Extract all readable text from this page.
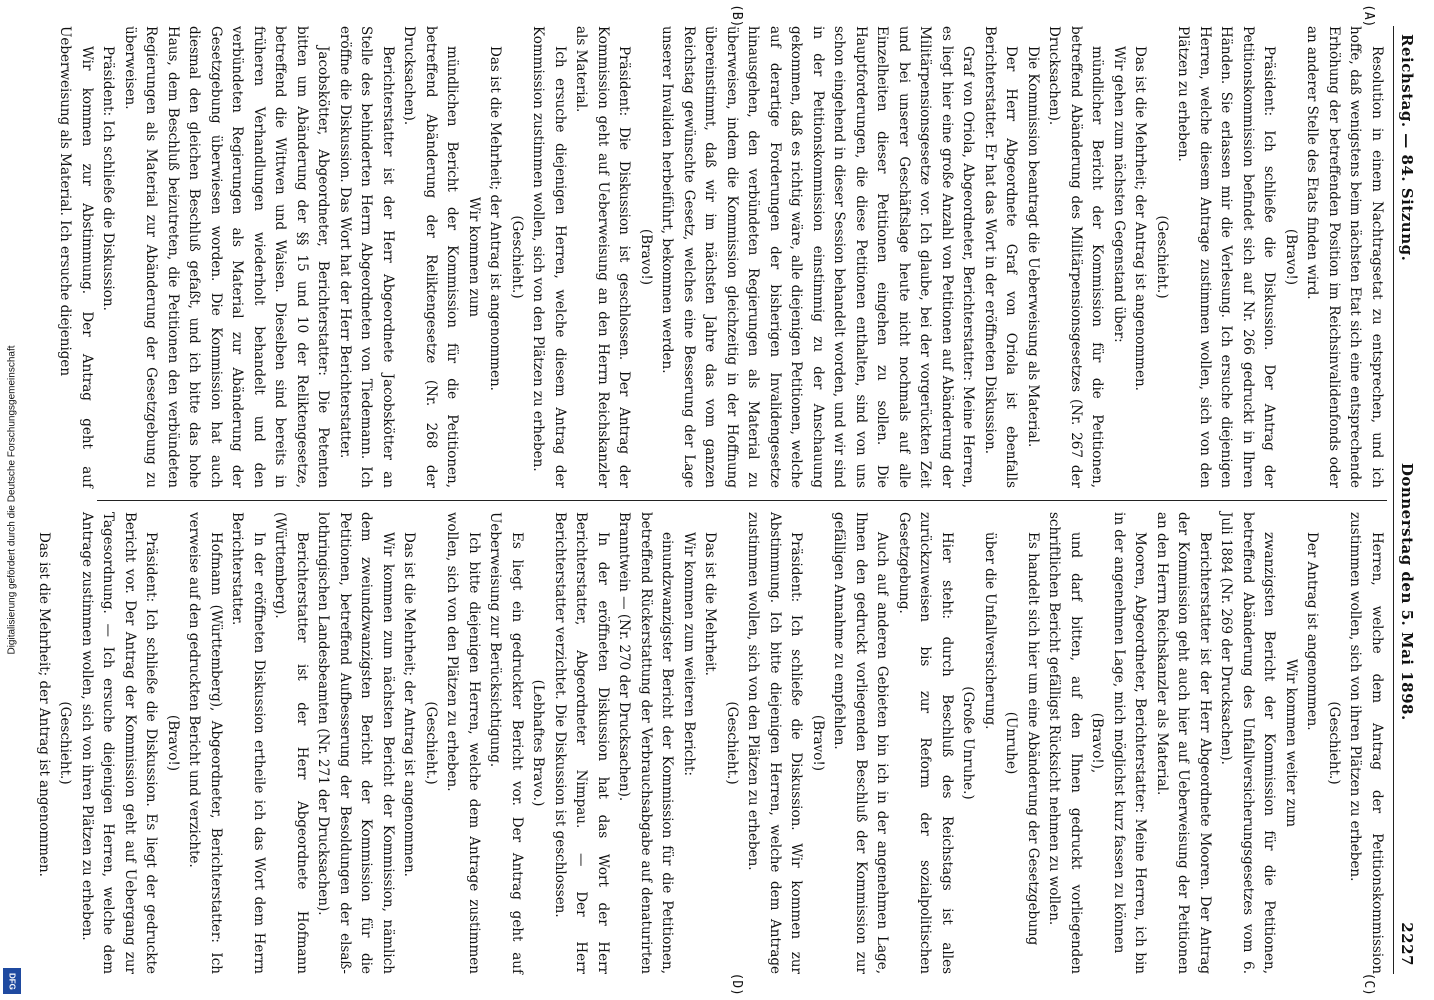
Digitalisierung gefördert durch die Deutsche Forschungsgemeinschaft
DFG
Reichstag. — 84. Sitzung.
Donnerstag den 5. Mai 1898.
2227
(A)
(B)

Resolution in einem Nachtragsetat zu entsprechen, und ich hoffe, daß wenigstens beim nächsten Etat sich eine entsprechende Erhöhung der betreffenden Position im Reichsinvalidenfonds oder an anderer Stelle des Etats finden wird.

(Bravo!)

Präsident: Ich schließe die Diskussion. Der Antrag der Petitionskommission befindet sich auf Nr. 266 gedruckt in Ihren Händen. Sie erlassen mir die Verlesung. Ich ersuche diejenigen Herren, welche diesem Antrage zustimmen wollen, sich von den Plätzen zu erheben.

(Geschieht.)

Das ist die Mehrheit; der Antrag ist angenommen.

Wir gehen zum nächsten Gegenstand über:

mündlicher Bericht der Kommission für die Petitionen, betreffend Abänderung des Militärpensionsgesetzes (Nr. 267 der Drucksachen).

Die Kommission beantragt die Ueberweisung als Material.

Der Herr Abgeordnete Graf von Oriola ist ebenfalls Berichterstatter. Er hat das Wort in der eröffneten Diskussion.

Graf von Oriola, Abgeordneter, Berichterstatter: Meine Herren, es liegt hier eine große Anzahl von Petitionen auf Abänderung der Militärpensionsgesetze vor. Ich glaube, bei der vorgerückten Zeit und bei unserer Geschäftslage heute nicht nochmals auf alle Einzelheiten dieser Petitionen eingehen zu sollen. Die Hauptforderungen, die diese Petitionen enthalten, sind von uns schon eingehend in dieser Session behandelt worden, und wir sind in der Petitionskommission einstimmig zu der Anschauung gekommen, daß es richtig wäre, alle diejenigen Petitionen, welche auf derartige Forderungen der bisherigen Invalidengesetze hinausgehen, den verbündeten Regierungen als Material zu überweisen, indem die Kommission gleichzeitig in der Hoffnung übereinstimmt, daß wir im nächsten Jahre das vom ganzen Reichstag gewünschte Gesetz, welches eine Besserung der Lage unserer Invaliden herbeiführt, bekommen werden.

(Bravo!)

Präsident: Die Diskussion ist geschlossen. Der Antrag der Kommission geht auf Ueberweisung an den Herrn Reichskanzler als Material.

Ich ersuche diejenigen Herren, welche diesem Antrag der Kommission zustimmen wollen, sich von den Plätzen zu erheben.

(Geschieht.)

Das ist die Mehrheit; der Antrag ist angenommen.

Wir kommen zum

mündlichen Bericht der Kommission für die Petitionen, betreffend Abänderung der Reliktengesetze (Nr. 268 der Drucksachen).

Berichterstatter ist der Herr Abgeordnete Jacobskötter an Stelle des behinderten Herrn Abgeordneten von Tiedemann. Ich eröffne die Diskussion. Das Wort hat der Herr Berichterstatter.

Jacobskötter, Abgeordneter, Berichterstatter: Die Petenten bitten um Abänderung der §§ 15 und 10 der Reliktengesetze, betreffend die Wittwen und Waisen. Dieselben sind bereits in früheren Verhandlungen wiederholt behandelt und den verbündeten Regierungen als Material zur Abänderung der Gesetzgebung überwiesen worden. Die Kommission hat auch diesmal den gleichen Beschluß gefaßt, und ich bitte das hohe Haus, dem Beschluß beizutreten, die Petitionen den verbündeten Regierungen als Material zur Abänderung der Gesetzgebung zu überweisen.

Präsident: Ich schließe die Diskussion.

Wir kommen zur Abstimmung. Der Antrag geht auf Ueberweisung als Material. Ich ersuche diejenigen

(C)
(D)

Herren, welche dem Antrag der Petitionskommission zustimmen wollen, sich von ihren Plätzen zu erheben.

(Geschieht.)

Der Antrag ist angenommen.

Wir kommen weiter zum

zwanzigsten Bericht der Kommission für die Petitionen, betreffend Abänderung des Unfallversicherungsgesetzes vom 6. Juli 1884 (Nr. 269 der Drucksachen).

Berichterstatter ist der Herr Abgeordnete Mooren. Der Antrag der Kommission geht auch hier auf Ueberweisung der Petitionen an den Herrn Reichskanzler als Material.

Mooren, Abgeordneter, Berichterstatter: Meine Herren, ich bin in der angenehmen Lage, mich möglichst kurz fassen zu können

(Bravo!),

und darf bitten, auf den Ihnen gedruckt vorliegenden schriftlichen Bericht gefälligst Rücksicht nehmen zu wollen.

Es handelt sich hier um eine Abänderung der Gesetzgebung

(Unruhe)

über die Unfallversicherung.

(Große Unruhe.)

Hier steht: durch Beschluß des Reichstags ist alles zurückzuweisen bis zur Reform der sozialpolitischen Gesetzgebung.

Auch auf anderen Gebieten bin ich in der angenehmen Lage, Ihnen den gedruckt vorliegenden Beschluß der Kommission zur gefälligen Annahme zu empfehlen.

(Bravo!)

Präsident: Ich schließe die Diskussion. Wir kommen zur Abstimmung. Ich bitte diejenigen Herren, welche dem Antrage zustimmen wollen, sich von den Plätzen zu erheben.

(Geschieht.)

Das ist die Mehrheit.

Wir kommen zum weiteren Bericht:

einundzwanzigster Bericht der Kommission für die Petitionen, betreffend Rückerstattung der Verbrauchsabgabe auf denaturirten Branntwein — (Nr. 270 der Drucksachen).

In der eröffneten Diskussion hat das Wort der Herr Berichterstatter, Abgeordneter Nimpau. — Der Herr Berichterstatter verzichtet. Die Diskussion ist geschlossen.

(Lebhaftes Bravo.)

Es liegt ein gedruckter Bericht vor. Der Antrag geht auf Ueberweisung zur Berücksichtigung.

Ich bitte diejenigen Herren, welche dem Antrage zustimmen wollen, sich von den Plätzen zu erheben.

(Geschieht.)

Das ist die Mehrheit; der Antrag ist angenommen.

Wir kommen zum nächsten Bericht der Kommission, nämlich dem zweiundzwanzigsten Bericht der Kommission für die Petitionen, betreffend Aufbesserung der Besoldungen der elsaß-lothringischen Landesbeamten (Nr. 271 der Drucksachen).

Berichterstatter ist der Herr Abgeordnete Hofmann (Württemberg).

In der eröffneten Diskussion ertheile ich das Wort dem Herrn Berichterstatter.

Hofmann (Württemberg), Abgeordneter, Berichterstatter: Ich verweise auf den gedruckten Bericht und verzichte.

(Bravo!)

Präsident: Ich schließe die Diskussion. Es liegt der gedruckte Bericht vor. Der Antrag der Kommission geht auf Uebergang zur Tagesordnung. — Ich ersuche diejenigen Herren, welche dem Antrage zustimmen wollen, sich von ihren Plätzen zu erheben.

(Geschieht.)

Das ist die Mehrheit; der Antrag ist angenommen.
